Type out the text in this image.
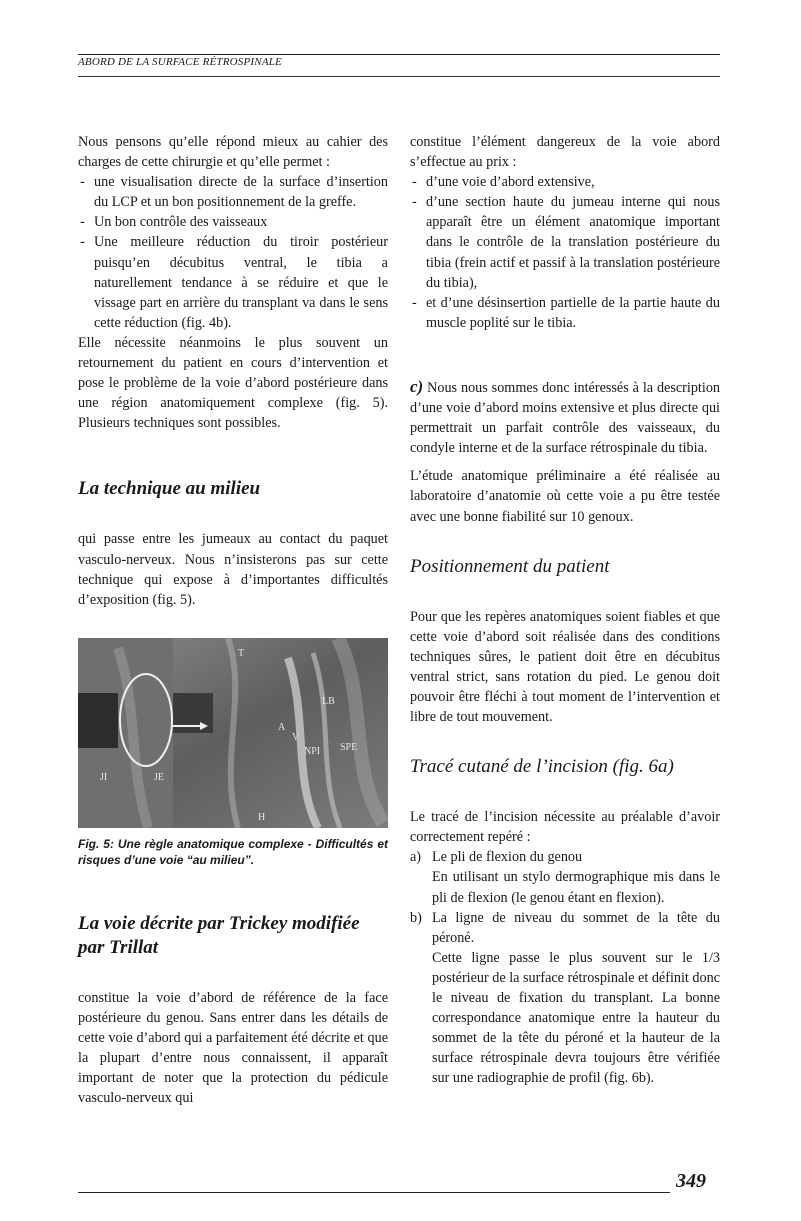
ABORD DE LA SURFACE RÉTROSPINALE

Nous pensons qu’elle répond mieux au cahier des charges de cette chirurgie et qu’elle permet :

- une visualisation directe de la surface d’insertion du LCP et un bon positionnement de la greffe.
- Un bon contrôle des vaisseaux
- Une meilleure réduction du tiroir postérieur puisqu’en décubitus ventral, le tibia a naturellement tendance à se réduire et que le vissage part en arrière du transplant va dans le sens cette réduction (fig. 4b).

Elle nécessite néanmoins le plus souvent un retournement du patient en cours d’intervention et pose le problème de la voie d’abord postérieure dans une région anatomiquement complexe (fig. 5). Plusieurs techniques sont possibles.

La technique au milieu

qui passe entre les jumeaux au contact du paquet vasculo-nerveux. Nous n’insisterons pas sur cette technique qui expose à d’importantes difficultés d’exposition (fig. 5).

T
LB
A
V
NPI SPE
JI	JE
H

Fig. 5: Une règle anatomique complexe - Difficultés et risques d’une voie “au milieu”.

La voie décrite par Trickey modifiée par Trillat

constitue la voie d’abord de référence de la face postérieure du genou. Sans entrer dans les détails de cette voie d’abord qui a parfaitement été décrite et que la plupart d’entre nous connaissent, il apparaît important de noter que la protection du pédicule vasculo-nerveux qui

constitue l’élément dangereux de la voie abord s’effectue au prix :

- d’une voie d’abord extensive,
- d’une section haute du jumeau interne qui nous apparaît être un élément anatomique important dans le contrôle de la translation postérieure du tibia (frein actif et passif à la translation postérieure du tibia),
- et d’une désinsertion partielle de la partie haute du muscle poplité sur le tibia.

c) Nous nous sommes donc intéressés à la description d’une voie d’abord moins extensive et plus directe qui permettrait un parfait contrôle des vaisseaux, du condyle interne et de la surface rétrospinale du tibia.

L’étude anatomique préliminaire a été réalisée au laboratoire d’anatomie où cette voie a pu être testée avec une bonne fiabilité sur 10 genoux.

Positionnement du patient

Pour que les repères anatomiques soient fiables et que cette voie d’abord soit réalisée dans des conditions techniques sûres, le patient doit être en décubitus ventral strict, sans rotation du pied. Le genou doit pouvoir être fléchi à tout moment de l’intervention et libre de tout mouvement.

Tracé cutané de l’incision (fig. 6a)

Le tracé de l’incision nécessite au préalable d’avoir correctement repéré :

a) Le pli de flexion du genou
En utilisant un stylo dermographique mis dans le pli de flexion (le genou étant en flexion).
b) La ligne de niveau du sommet de la tête du péroné.
Cette ligne passe le plus souvent sur le 1/3 postérieur de la surface rétrospinale et définit donc le niveau de fixation du transplant. La bonne correspondance anatomique entre la hauteur du sommet de la tête du péroné et la hauteur de la surface rétrospinale devra toujours être vérifiée sur une radiographie de profil (fig. 6b).
349
